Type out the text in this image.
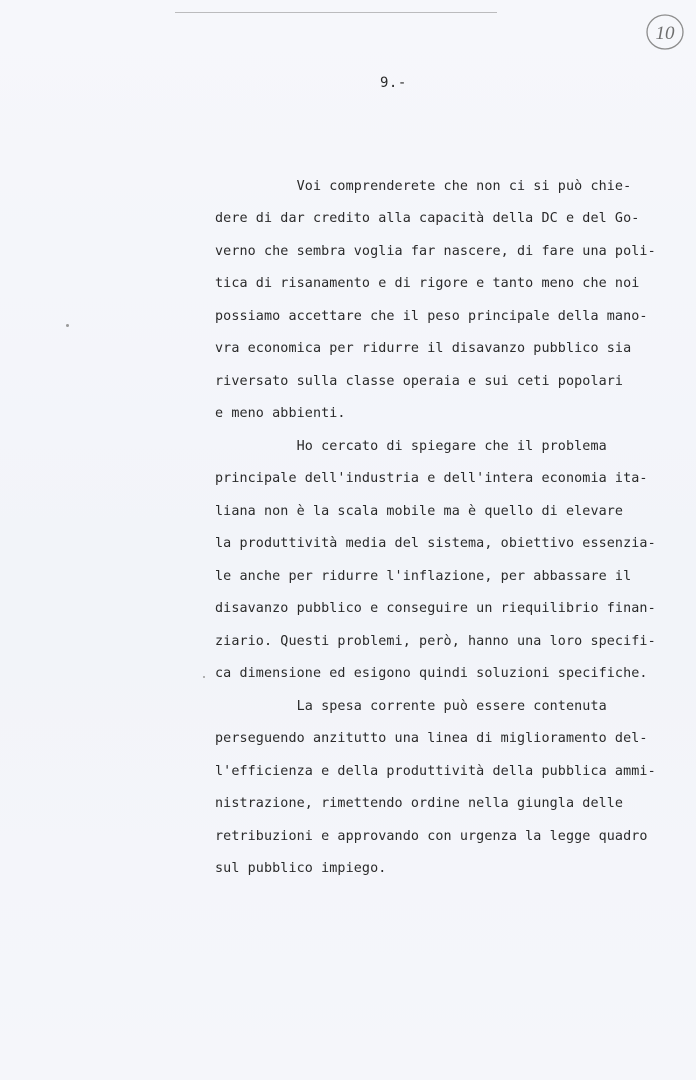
10
9.-
Voi comprenderete che non ci si può chie-
dere di dar credito alla capacità della DC e del Go-
verno che sembra voglia far nascere, di fare una poli-
tica di risanamento e di rigore e tanto meno che noi
possiamo accettare che il peso principale della mano-
vra economica per ridurre il disavanzo pubblico sia
riversato sulla classe operaia e sui ceti popolari
e meno abbienti.
Ho cercato di spiegare che il problema
principale dell'industria e dell'intera economia ita-
liana non è la scala mobile ma è quello di elevare
la produttività media del sistema, obiettivo essenzia-
le anche per ridurre l'inflazione, per abbassare il
disavanzo pubblico e conseguire un riequilibrio finan-
ziario. Questi problemi, però, hanno una loro specifi-
ca dimensione ed esigono quindi soluzioni specifiche.
La spesa corrente può essere contenuta
perseguendo anzitutto una linea di miglioramento del-
l'efficienza e della produttività della pubblica ammi-
nistrazione, rimettendo ordine nella giungla delle
retribuzioni e approvando con urgenza la legge quadro
sul pubblico impiego.
